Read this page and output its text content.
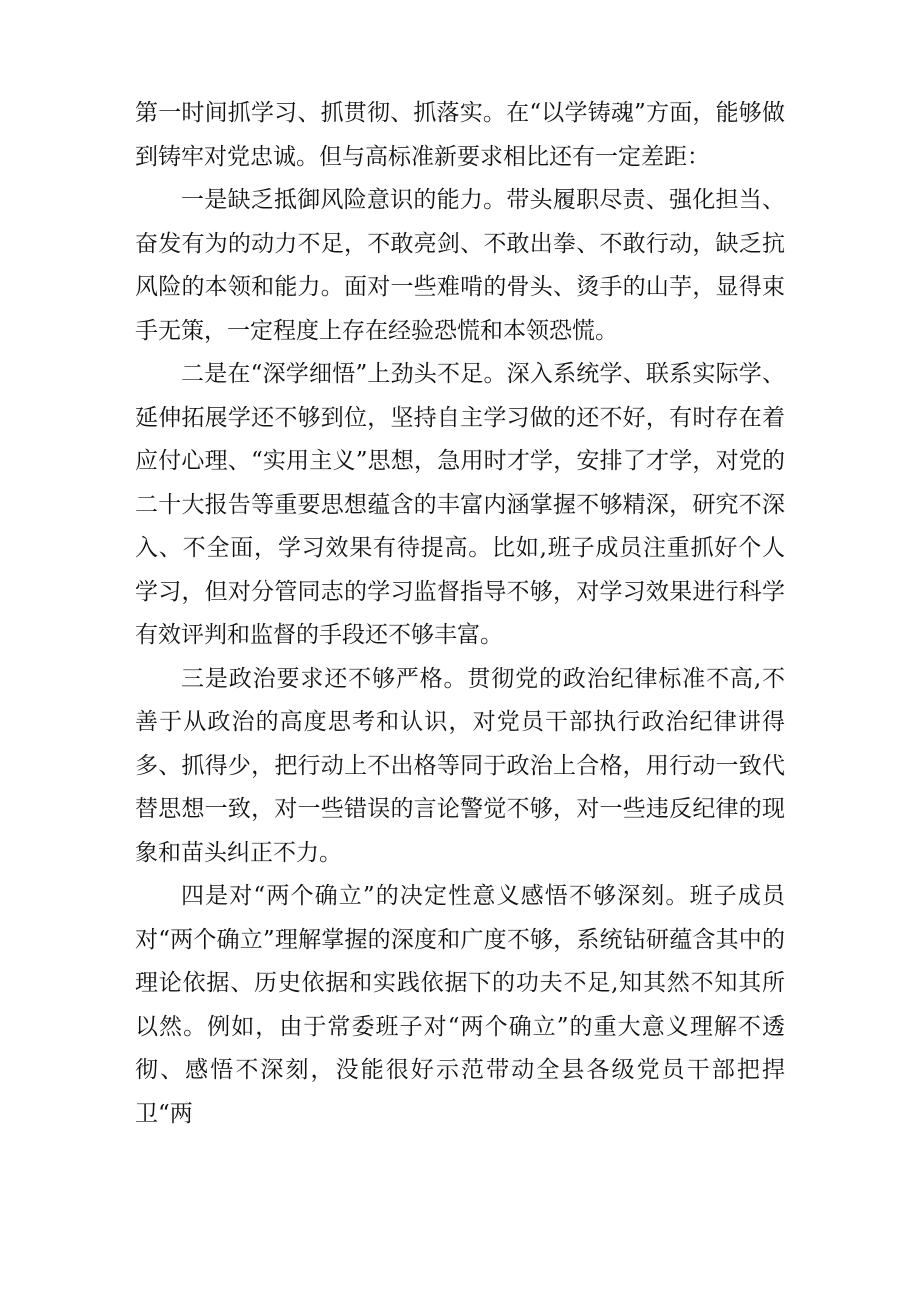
第一时间抓学习、抓贯彻、抓落实。在“以学铸魂”方面，能够做到铸牢对党忠诚。但与高标准新要求相比还有一定差距：

一是缺乏抵御风险意识的能力。带头履职尽责、强化担当、奋发有为的动力不足，不敢亮剑、不敢出拳、不敢行动，缺乏抗风险的本领和能力。面对一些难啃的骨头、烫手的山芋，显得束手无策，一定程度上存在经验恐慌和本领恐慌。

二是在“深学细悟”上劲头不足。深入系统学、联系实际学、延伸拓展学还不够到位，坚持自主学习做的还不好，有时存在着应付心理、“实用主义”思想，急用时才学，安排了才学，对党的二十大报告等重要思想蕴含的丰富内涵掌握不够精深，研究不深入、不全面，学习效果有待提高。比如,班子成员注重抓好个人学习，但对分管同志的学习监督指导不够，对学习效果进行科学有效评判和监督的手段还不够丰富。

三是政治要求还不够严格。贯彻党的政治纪律标准不高,不善于从政治的高度思考和认识，对党员干部执行政治纪律讲得多、抓得少，把行动上不出格等同于政治上合格，用行动一致代替思想一致，对一些错误的言论警觉不够，对一些违反纪律的现象和苗头纠正不力。

四是对“两个确立”的决定性意义感悟不够深刻。班子成员对“两个确立”理解掌握的深度和广度不够，系统钻研蕴含其中的理论依据、历史依据和实践依据下的功夫不足,知其然不知其所以然。例如，由于常委班子对“两个确立”的重大意义理解不透彻、感悟不深刻，没能很好示范带动全县各级党员干部把捍卫“两
